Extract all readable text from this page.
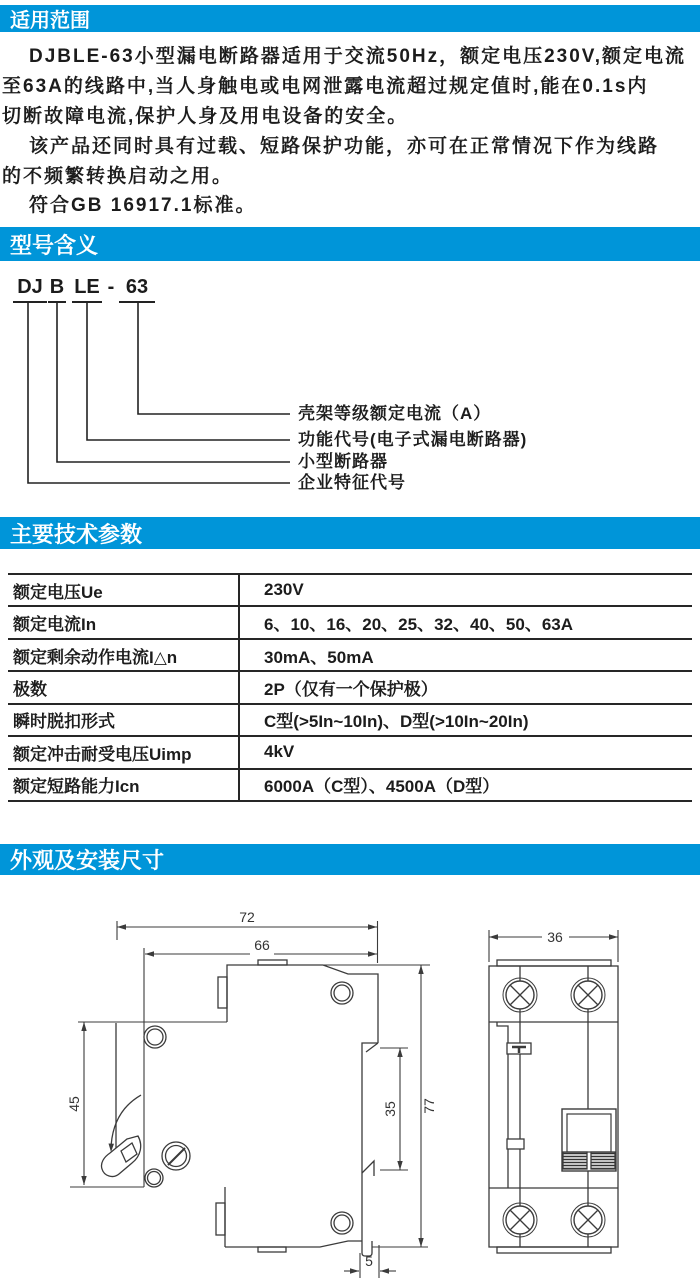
适用范围
型号含义
主要技术参数
外观及安装尺寸
DJBLE-63小型漏电断路器适用于交流50Hz，额定电压230V,额定电流
至63A的线路中,当人身触电或电网泄露电流超过规定值时,能在0.1s内
切断故障电流,保护人身及用电设备的安全。
该产品还同时具有过载、短路保护功能，亦可在正常情况下作为线路
的不频繁转换启动之用。
符合GB 16917.1标准。
DJ B LE - 63
壳架等级额定电流（A）
功能代号(电子式漏电断路器)
小型断路器
企业特征代号
额定电压Ue	230V
额定电流In	6、10、16、20、25、32、40、50、63A
额定剩余动作电流I△n	30mA、50mA
极数	2P（仅有一个保护极）
瞬时脱扣形式	C型(>5In~10In)、D型(>10In~20In)
额定冲击耐受电压Uimp	4kV
额定短路能力Icn	6000A（C型）、4500A（D型）
72
66
45	35 77
5
36
